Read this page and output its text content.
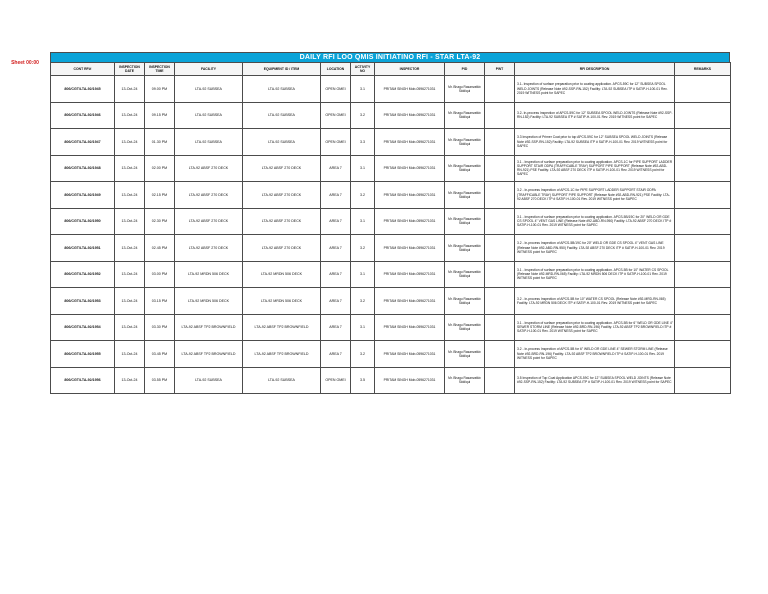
Sheet 00:00
DAILY RFI LOO QMIS INITIATINO RFI - STAR LTA-92
CONT RFI#	INSPECTION DATE	INSPECTION TIME	FACILITY	EQUIPMENT ID / ITEM	LOCATION	ACTIVITY NO	INSPECTOR	PID	PWT	RFI DESCRIPTION	REMARKS
806/CGT/LTA-92/1945	13-Oct-24	09.00 PM	LTA-92 SUBSEA	LTA-92 SUBSEA	OPEN OMEI	3.1	PRITAM SINGH Mob-0596271031	Mr. Bhagu Rasanvatkiv Siddiqui		3.1- Inspection of surface preparation prior to coating application. APCS-59C for 12" SUBSEA SPOOL WELD JOINTS (Release Note #92-SSP-RN-152) Facility: LTA-92 SUBSEA ITP # SATIP-H-100-01 Rev. 2019 WITNESS point for SAPEC	
806/CGT/LTA-92/1946	13-Oct-24	09.15 PM	LTA-92 SUBSEA	LTA-92 SUBSEA	OPEN OMEI	3.2	PRITAM SINGH Mob-0596271031	Mr. Bhagu Rasanvatkiv Siddiqui		3.2- In-process Inspection of APCS-59C for 12" SUBSEA SPOOL WELD JOINTS (Release Note #92-SSP-RN-152) Facility: LTA-92 SUBSEA ITP # SATIP-H-100-01 Rev. 2019 WITNESS point for SAPEC	
806/CGT/LTA-92/1947	13-Oct-24	01.30 PM	LTA-92 SUBSEA	LTA-92 SUBSEA	OPEN OMEI	3.3	PRITAM SINGH Mob-0596271031	Mr. Bhagu Rasanvatkiv Siddiqui		3.3 Inspection of Primer Coat prior to top APCS-59C for 12" SUBSEA SPOOL WELD JOINTS (Release Note #92-SSP-RN-152) Facility: LTA-92 SUBSEA ITP # SATIP-H-100-01 Rev. 2019 WITNESS point for SAPEC	
806/CGT/LTA-92/1948	13-Oct-24	02.00 PM	LTA-92 ABSF 270 DECK	LTA-92 ABSF 270 DECK	AREA 7	3.1	PRITAM SINGH Mob-0596271031	Mr. Bhagu Rasanvatkiv Siddiqui		3.1 - Inspection of surface preparation prior to coating application. APCS-1C for PIPE SUPPORT LADDER SUPPORT STAIR ODPA (TRAFFICABLE TRAY) SUPPORT PIPE SUPPORT (Release Note #92-ABD-RN-921) PSE Facility: LTA-92 ABSF 270 DECK ITP # SATIP-H-100-01 Rev. 2019 WITNESS point for SAPEC	
806/CGT/LTA-92/1949	13-Oct-24	02.15 PM	LTA-92 ABSF 270 DECK	LTA-92 ABSF 270 DECK	AREA 7	3.2	PRITAM SINGH Mob-0596271031	Mr. Bhagu Rasanvatkiv Siddiqui		3.2 - In-process Inspection of APCS-1C for PIPE SUPPORT LADDER SUPPORT STAIR ODPA (TRAFFICABLE TRAY) SUPPORT PIPE SUPPORT (Release Note #92-ABD-RN-921) PSE Facility: LTA-92 ABSF 270 DECK ITP # SATIP-H-100-01 Rev. 2019 WITNESS point for SAPEC	
806/CGT/LTA-92/1950	13-Oct-24	02.30 PM	LTA-92 ABSF 270 DECK	LTA-92 ABSF 270 DECK	AREA 7	3.1	PRITAM SINGH Mob-0596271031	Mr. Bhagu Rasanvatkiv Siddiqui		3.1 - Inspection of surface preparation prior to coating application. APCS-5B/19C for 20" WELD OR GDE CS SPOOL 4" VENT GAS LINE (Release Note #92-ABD-RN-950) Facility: LTA-92 ABSF 270 DECK ITP # SATIP-H-100-01 Rev. 2019 WITNESS point for SAPEC	
806/CGT/LTA-92/1951	13-Oct-24	02.45 PM	LTA-92 ABSF 270 DECK	LTA-92 ABSF 270 DECK	AREA 7	3.2	PRITAM SINGH Mob-0596271031	Mr. Bhagu Rasanvatkiv Siddiqui		3.2 - In-process Inspection of APCS-5B/19C for 20" WELD OR GDE CS SPOOL 4" VENT GAS LINE (Release Note #92-ABD-RN-950) Facility: LTA-92 ABSF 270 DECK ITP # SATIP-H-100-01 Rev. 2019 WITNESS point for SAPEC	
806/CGT/LTA-92/1952	13-Oct-24	03.00 PM	LTA-92 MRDN 506 DECK	LTA-92 MRDN 506 DECK	AREA 7	3.1	PRITAM SINGH Mob-0596271031	Mr. Bhagu Rasanvatkiv Siddiqui		3.1 - Inspection of surface preparation prior to coating application. APCS-5B for 10" WATER CS SPOOL (Release Note #92-MRD-RN-065) Facility: LTA-92 MRDN 506 DECK ITP # SATIP-H-100-01 Rev. 2019 WITNESS point for SAPEC	
806/CGT/LTA-92/1953	13-Oct-24	03.15 PM	LTA-92 MRDN 506 DECK	LTA-92 MRDN 506 DECK	AREA 7	3.2	PRITAM SINGH Mob-0596271031	Mr. Bhagu Rasanvatkiv Siddiqui		3.2 - In-process Inspection of APCS-5B for 10" WATER CS SPOOL (Release Note #92-MRD-RN-065) Facility: LTA-92 MRDN 506 DECK ITP # SATIP-H-100-01 Rev. 2019 WITNESS point for SAPEC	
806/CGT/LTA-92/1954	13-Oct-24	03.30 PM	LTA-92 ABSF TP2 BROWNFIELD	LTA-92 ABSF TP2 BROWNFIELD	AREA 7	3.1	PRITAM SINGH Mob-0596271031	Mr. Bhagu Rasanvatkiv Siddiqui		3.1 - Inspection of surface preparation prior to coating application. APCS-5B for 6" WELD OR GDE LINE 4" SEWER STORM LINE (Release Note #92-BRD-RN-196) Facility: LTA-92 ABSF TP2 BROWNFIELD ITP # SATIP-H-100-01 Rev. 2019 WITNESS point for SAPEC	
806/CGT/LTA-92/1955	13-Oct-24	03.45 PM	LTA-92 ABSF TP2 BROWNFIELD	LTA-92 ABSF TP2 BROWNFIELD	AREA 7	3.2	PRITAM SINGH Mob-0596271031	Mr. Bhagu Rasanvatkiv Siddiqui		3.2 - In-process Inspection of APCS-5B for 6" WELD OR GDE LINE 4" SEWER STORM LINE (Release Note #92-BRD-RN-196) Facility: LTA-92 ABSF TP2 BROWNFIELD ITP # SATIP-H-100-01 Rev. 2019 WITNESS point for SAPEC	
806/CGT/LTA-92/1956	13-Oct-24	03.55 PM	LTA-92 SUBSEA	LTA-92 SUBSEA	OPEN OMEI	3.5	PRITAM SINGH Mob-0596271031	Mr. Bhagu Rasanvatkiv Siddiqui		3.5 Inspection of Top Coat Application APCS-59C for 12" SUBSEA SPOOL WELD JOINTS (Release Note #92-SSP-RN-152) Facility: LTA-92 SUBSEA ITP # SATIP-H-100-01 Rev. 2019 WITNESS point for SAPEC	
